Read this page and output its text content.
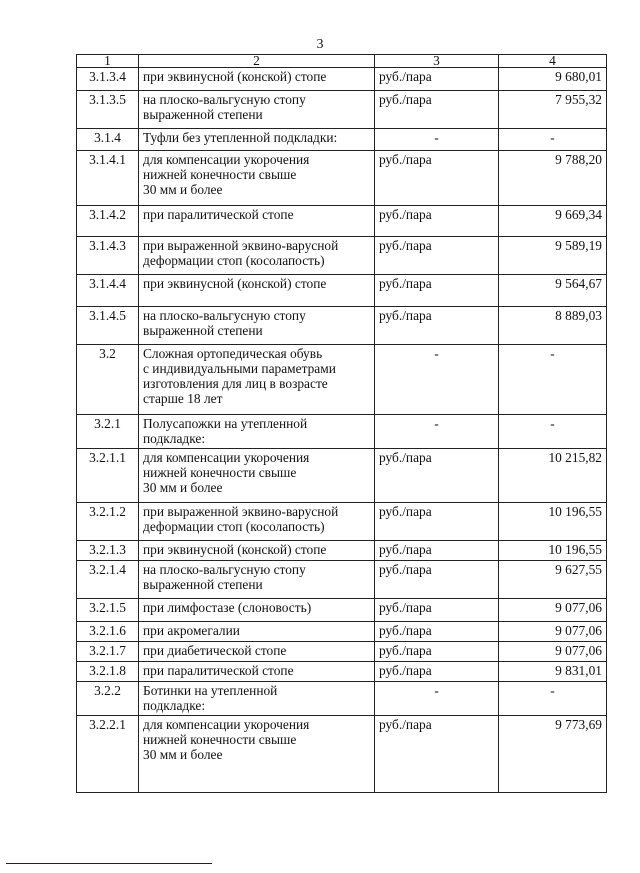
3
1	2	3	4
3.1.3.4	при эквинусной (конской) стопе	руб./пара	9 680,01
3.1.3.5	на плоско-вальгусную стопу
выраженной степени	руб./пара	7 955,32
3.1.4	Туфли без утепленной подкладки:	-	-
3.1.4.1	для компенсации укорочения
нижней конечности свыше
30 мм и более	руб./пара	9 788,20
3.1.4.2	при паралитической стопе	руб./пара	9 669,34
3.1.4.3	при выраженной эквино-варусной
деформации стоп (косолапость)	руб./пара	9 589,19
3.1.4.4	при эквинусной (конской) стопе	руб./пара	9 564,67
3.1.4.5	на плоско-вальгусную стопу
выраженной степени	руб./пара	8 889,03
3.2	Сложная ортопедическая обувь
с индивидуальными параметрами
изготовления для лиц в возрасте
старше 18 лет	-	-
3.2.1	Полусапожки на утепленной
подкладке:	-	-
3.2.1.1	для компенсации укорочения
нижней конечности свыше
30 мм и более	руб./пара	10 215,82
3.2.1.2	при выраженной эквино-варусной
деформации стоп (косолапость)	руб./пара	10 196,55
3.2.1.3	при эквинусной (конской) стопе	руб./пара	10 196,55
3.2.1.4	на плоско-вальгусную стопу
выраженной степени	руб./пара	9 627,55
3.2.1.5	при лимфостазе (слоновость)	руб./пара	9 077,06
3.2.1.6	при акромегалии	руб./пара	9 077,06
3.2.1.7	при диабетической стопе	руб./пара	9 077,06
3.2.1.8	при паралитической стопе	руб./пара	9 831,01
3.2.2	Ботинки на утепленной
подкладке:	-	-
3.2.2.1	для компенсации укорочения
нижней конечности свыше
30 мм и более	руб./пара	9 773,69
